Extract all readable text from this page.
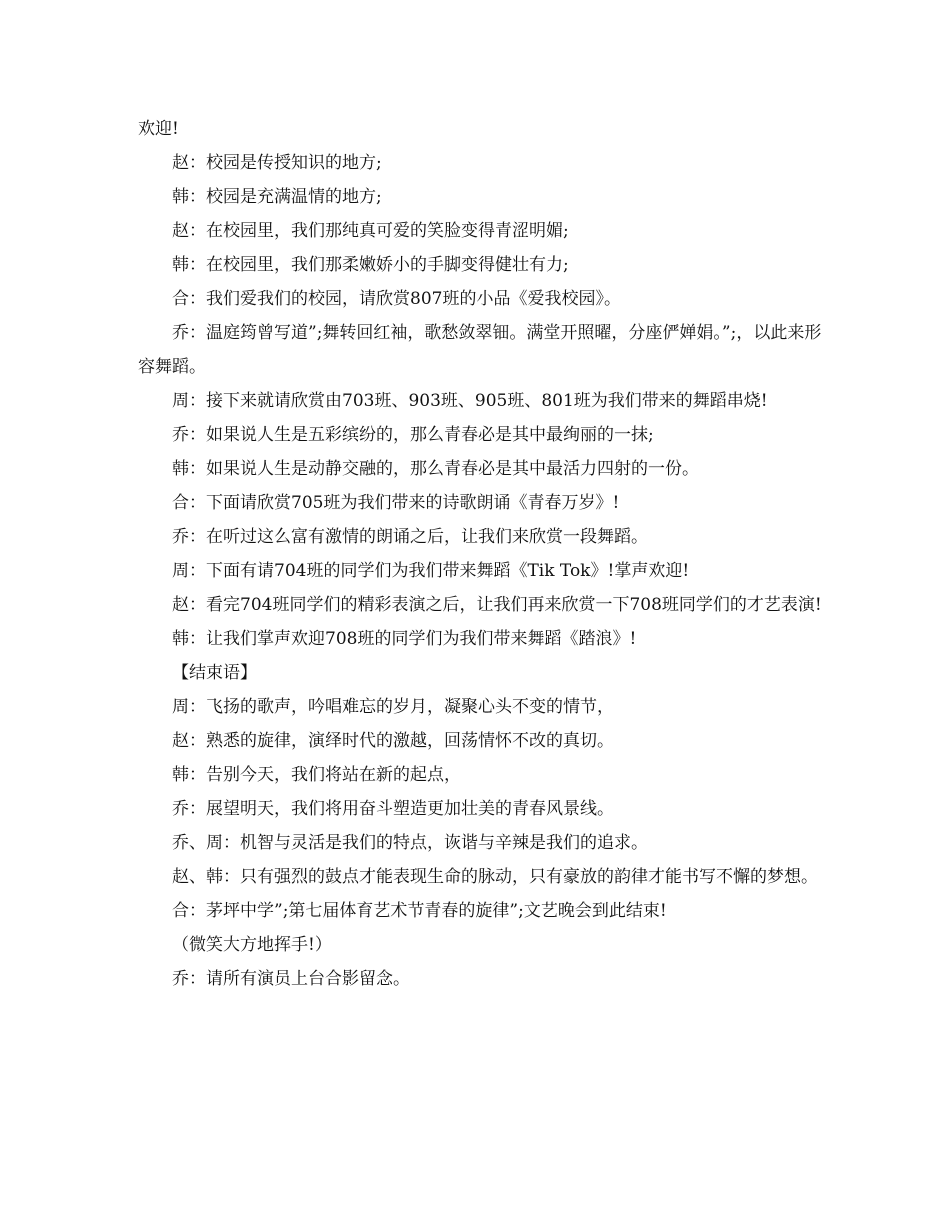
欢迎!

赵：校园是传授知识的地方;

韩：校园是充满温情的地方;

赵：在校园里，我们那纯真可爱的笑脸变得青涩明媚;

韩：在校园里，我们那柔嫩娇小的手脚变得健壮有力;

合：我们爱我们的校园，请欣赏807班的小品《爱我校园》。

乔：温庭筠曾写道”;舞转回红袖，歌愁敛翠钿。满堂开照曜，分座俨婵娟。”;，以此来形容舞蹈。

周：接下来就请欣赏由703班、903班、905班、801班为我们带来的舞蹈串烧!

乔：如果说人生是五彩缤纷的，那么青春必是其中最绚丽的一抹;

韩：如果说人生是动静交融的，那么青春必是其中最活力四射的一份。

合：下面请欣赏705班为我们带来的诗歌朗诵《青春万岁》!

乔：在听过这么富有激情的朗诵之后，让我们来欣赏一段舞蹈。

周：下面有请704班的同学们为我们带来舞蹈《Tik Tok》!掌声欢迎!

赵：看完704班同学们的精彩表演之后，让我们再来欣赏一下708班同学们的才艺表演!

韩：让我们掌声欢迎708班的同学们为我们带来舞蹈《踏浪》!

【结束语】

周：飞扬的歌声，吟唱难忘的岁月，凝聚心头不变的情节，

赵：熟悉的旋律，演绎时代的激越，回荡情怀不改的真切。

韩：告别今天，我们将站在新的起点，

乔：展望明天，我们将用奋斗塑造更加壮美的青春风景线。

乔、周：机智与灵活是我们的特点，诙谐与辛辣是我们的追求。

赵、韩：只有强烈的鼓点才能表现生命的脉动，只有豪放的韵律才能书写不懈的梦想。

合：茅坪中学”;第七届体育艺术节青春的旋律”;文艺晚会到此结束!

（微笑大方地挥手!）

乔：请所有演员上台合影留念。
